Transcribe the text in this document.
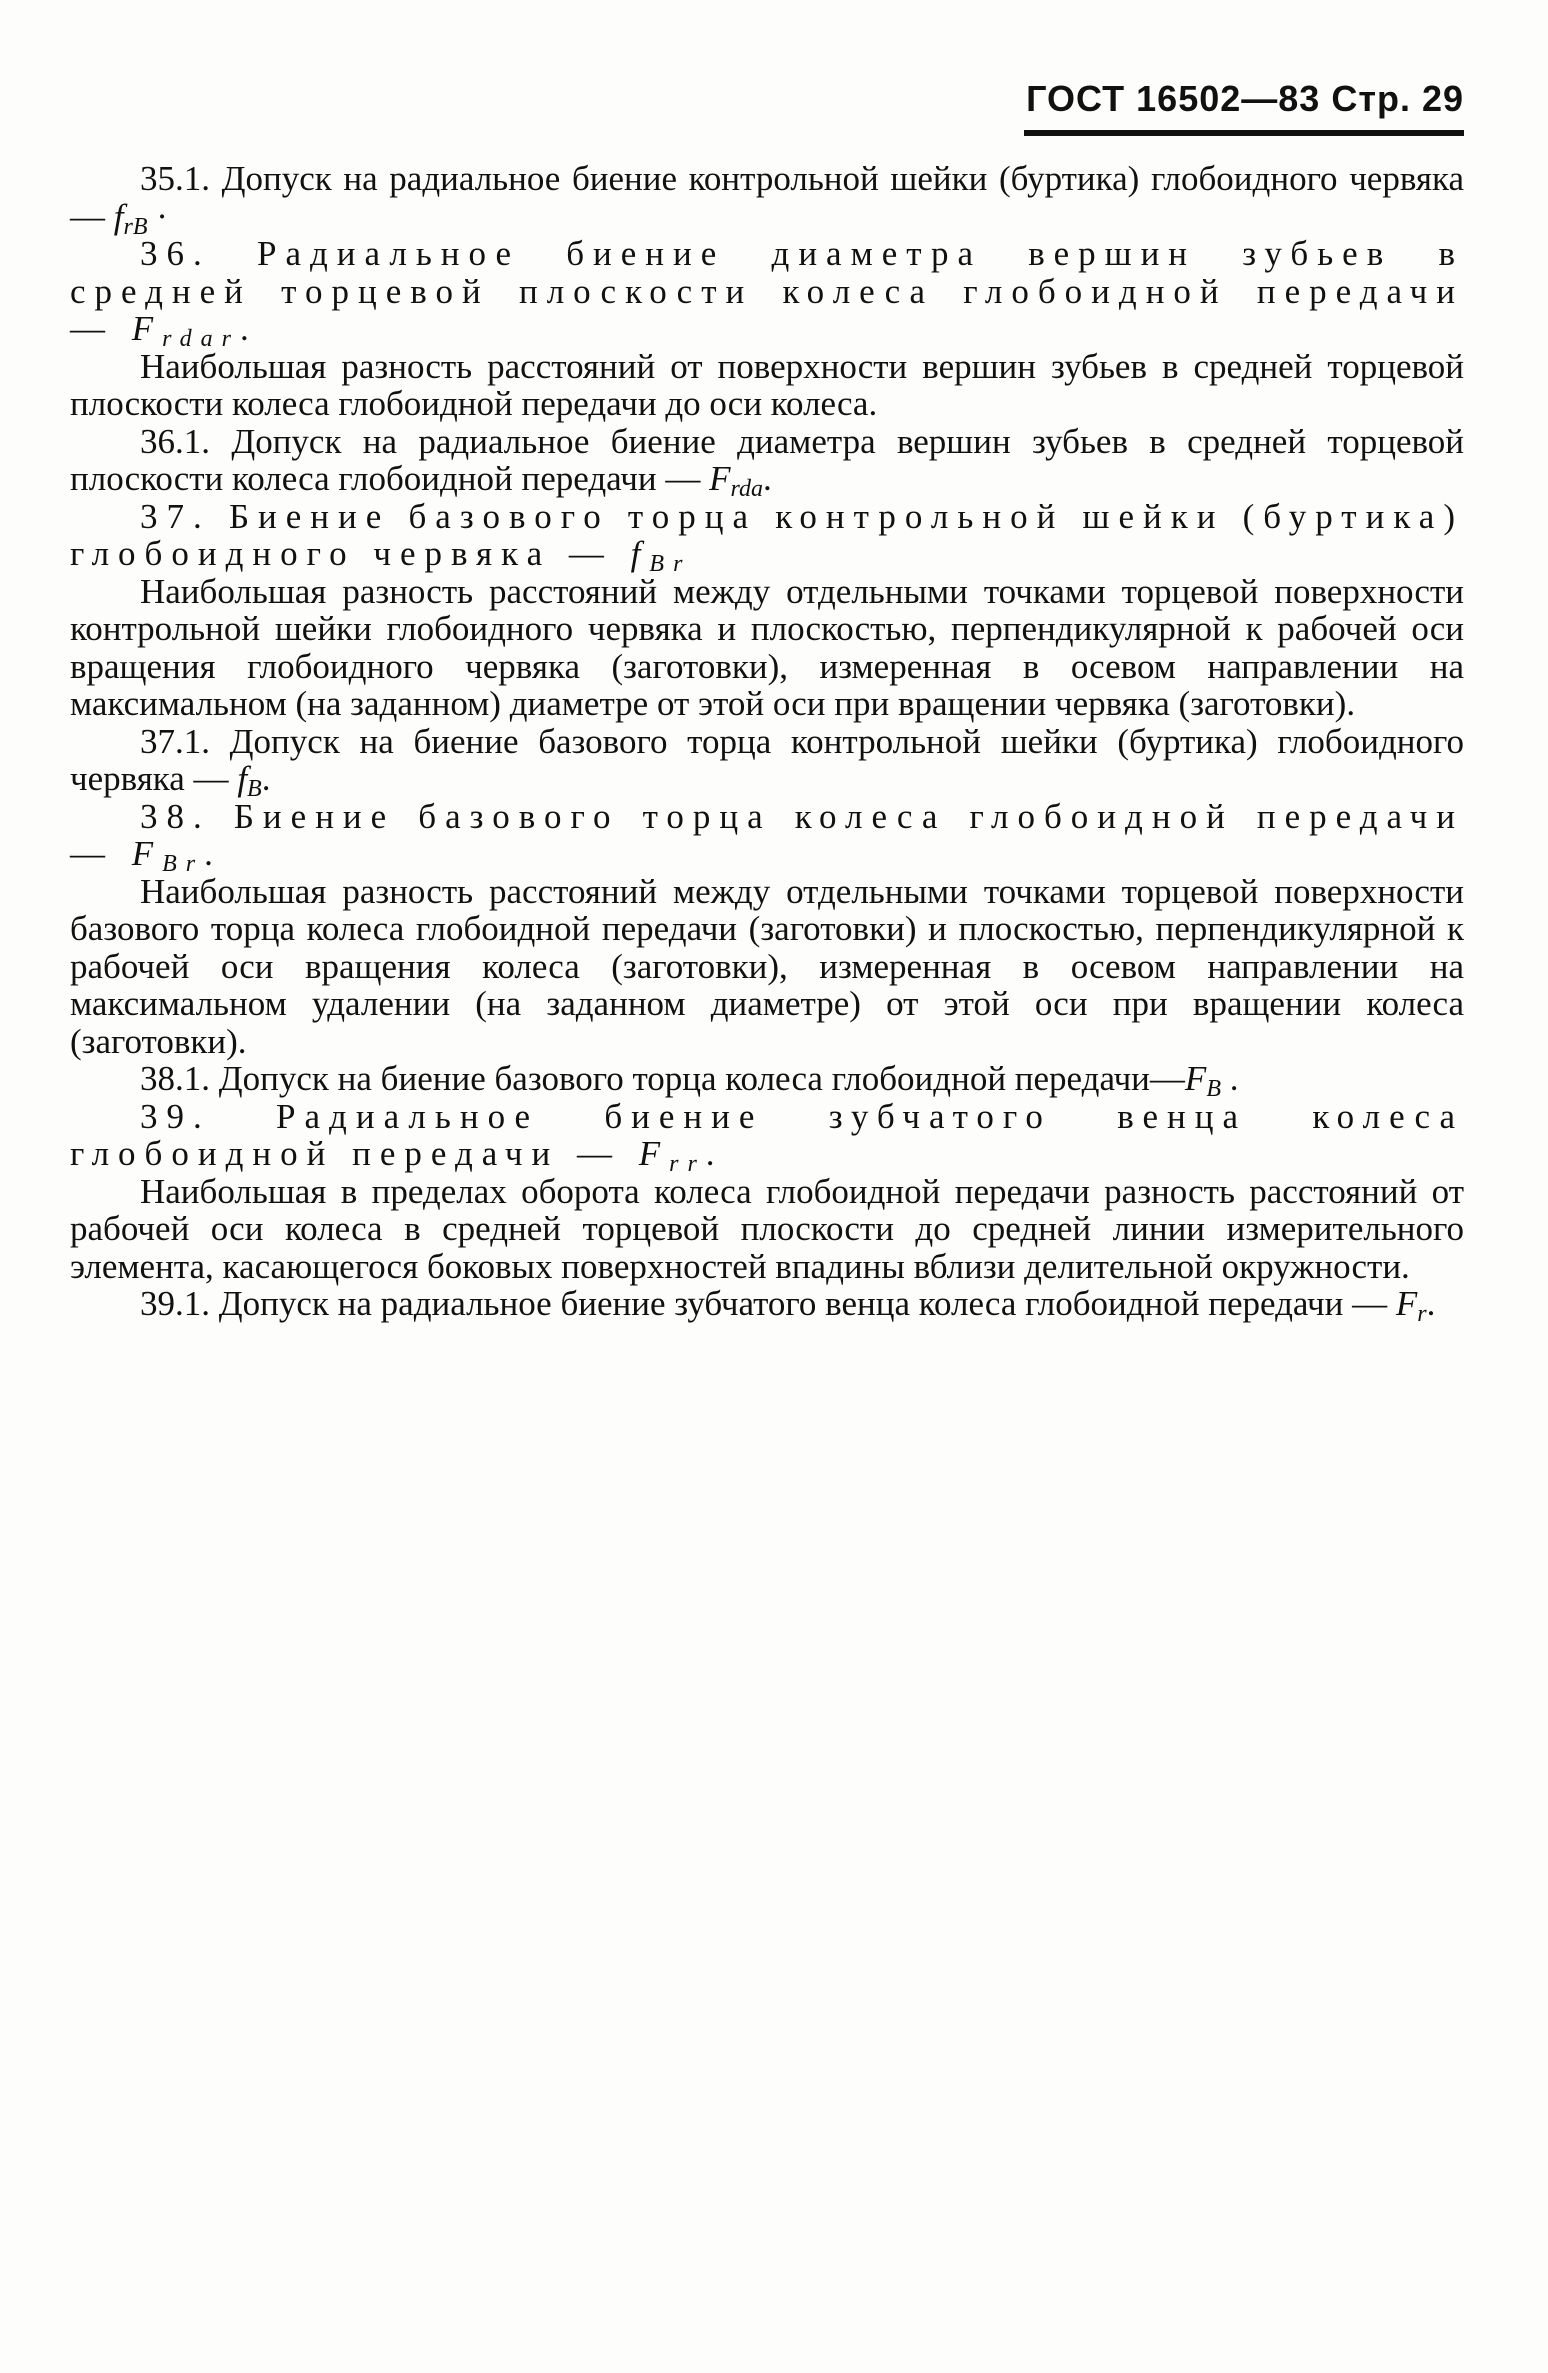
ГОСТ 16502—83 Стр. 29

35.1. Допуск на радиальное биение контрольной шейки (буртика) глобоидного червяка — $f_{rB}$ ·

36. Радиальное биение диаметра вершин зубьев в средней торцевой плоскости колеса глобоидной передачи — $F_{rdar}$.

Наибольшая разность расстояний от поверхности вершин зубьев в средней торцевой плоскости колеса глобоидной передачи до оси колеса.

36.1. Допуск на радиальное биение диаметра вершин зубьев в средней торцевой плоскости колеса глобоидной передачи — $F_{rda}$.

37. Биение базового торца контрольной шейки (буртика) глобоидного червяка — $f_{Br}$

Наибольшая разность расстояний между отдельными точками торцевой поверхности контрольной шейки глобоидного червяка и плоскостью, перпендикулярной к рабочей оси вращения глобоидного червяка (заготовки), измеренная в осевом направлении на максимальном (на заданном) диаметре от этой оси при вращении червяка (заготовки).

37.1. Допуск на биение базового торца контрольной шейки (буртика) глобоидного червяка — $f_B$.

38. Биение базового торца колеса глобоидной передачи — $F_{Br}$.

Наибольшая разность расстояний между отдельными точками торцевой поверхности базового торца колеса глобоидной передачи (заготовки) и плоскостью, перпендикулярной к рабочей оси вращения колеса (заготовки), измеренная в осевом направлении на максимальном удалении (на заданном диаметре) от этой оси при вращении колеса (заготовки).

38.1. Допуск на биение базового торца колеса глобоидной $передачи—F_B$ .

39. Радиальное биение зубчатого венца колеса глобоидной передачи — $F_{rr}$.

Наибольшая в пределах оборота колеса глобоидной передачи разность расстояний от рабочей оси колеса в средней торцевой плоскости до средней линии измерительного элемента, касающегося боковых поверхностей впадины вблизи делительной окружности.

39.1. Допуск на радиальное биение зубчатого венца колеса глобоидной передачи — $F_r$.
